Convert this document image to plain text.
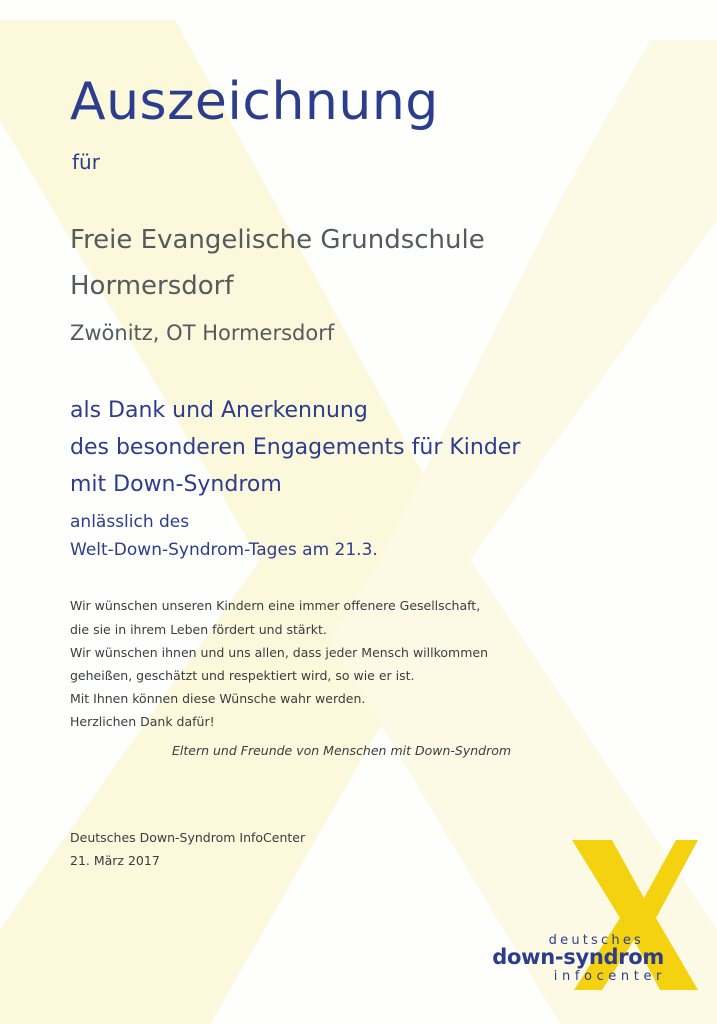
Auszeichnung
für
Freie Evangelische Grundschule
Hormersdorf
Zwönitz, OT Hormersdorf
als Dank und Anerkennung
des besonderen Engagements für Kinder
mit Down-Syndrom
anlässlich des
Welt-Down-Syndrom-Tages am 21.3.
Wir wünschen unseren Kindern eine immer offenere Gesellschaft,
die sie in ihrem Leben fördert und stärkt.
Wir wünschen ihnen und uns allen, dass jeder Mensch willkommen
geheißen, geschätzt und respektiert wird, so wie er ist.
Mit Ihnen können diese Wünsche wahr werden.
Herzlichen Dank dafür!
Eltern und Freunde von Menschen mit Down-Syndrom
Deutsches Down-Syndrom InfoCenter
21. März 2017
deutsches
down-syndrom
infocenter
